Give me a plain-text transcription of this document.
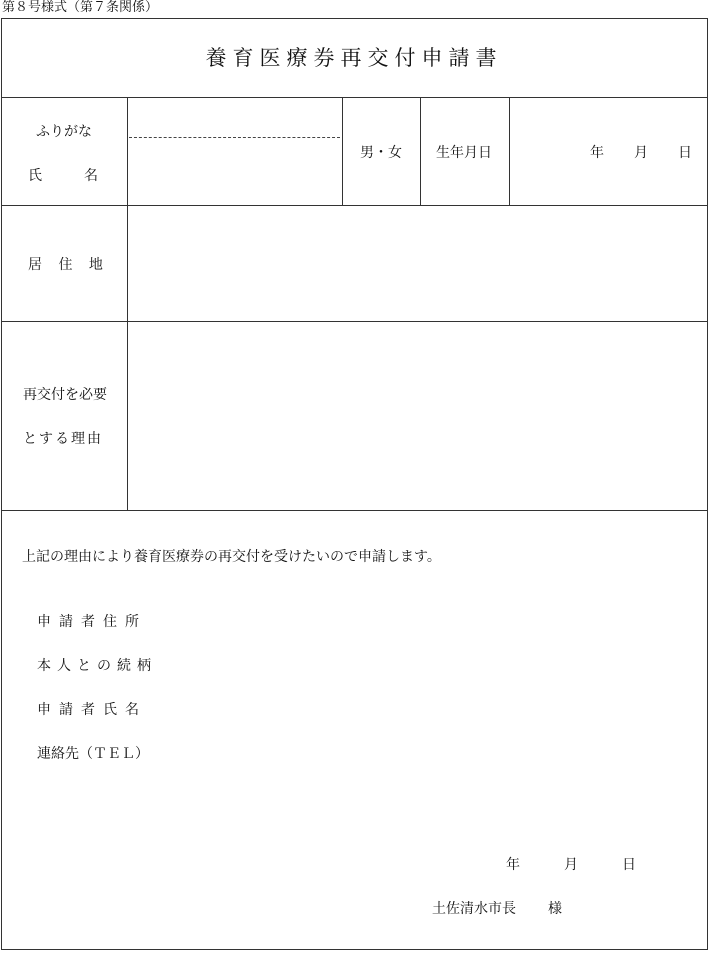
第８号様式（第７条関係）
養育医療券再交付申請書
ふりがな
氏　　　名
男・女 生年月日	年 月 日
居 住 地
再交付を必要
とする理由
上記の理由により養育医療券の再交付を受けたいので申請します。
申請者住所
本人との続柄
申請者氏名
連絡先（ＴＥＬ）
年	月	日
土佐清水市長 様
